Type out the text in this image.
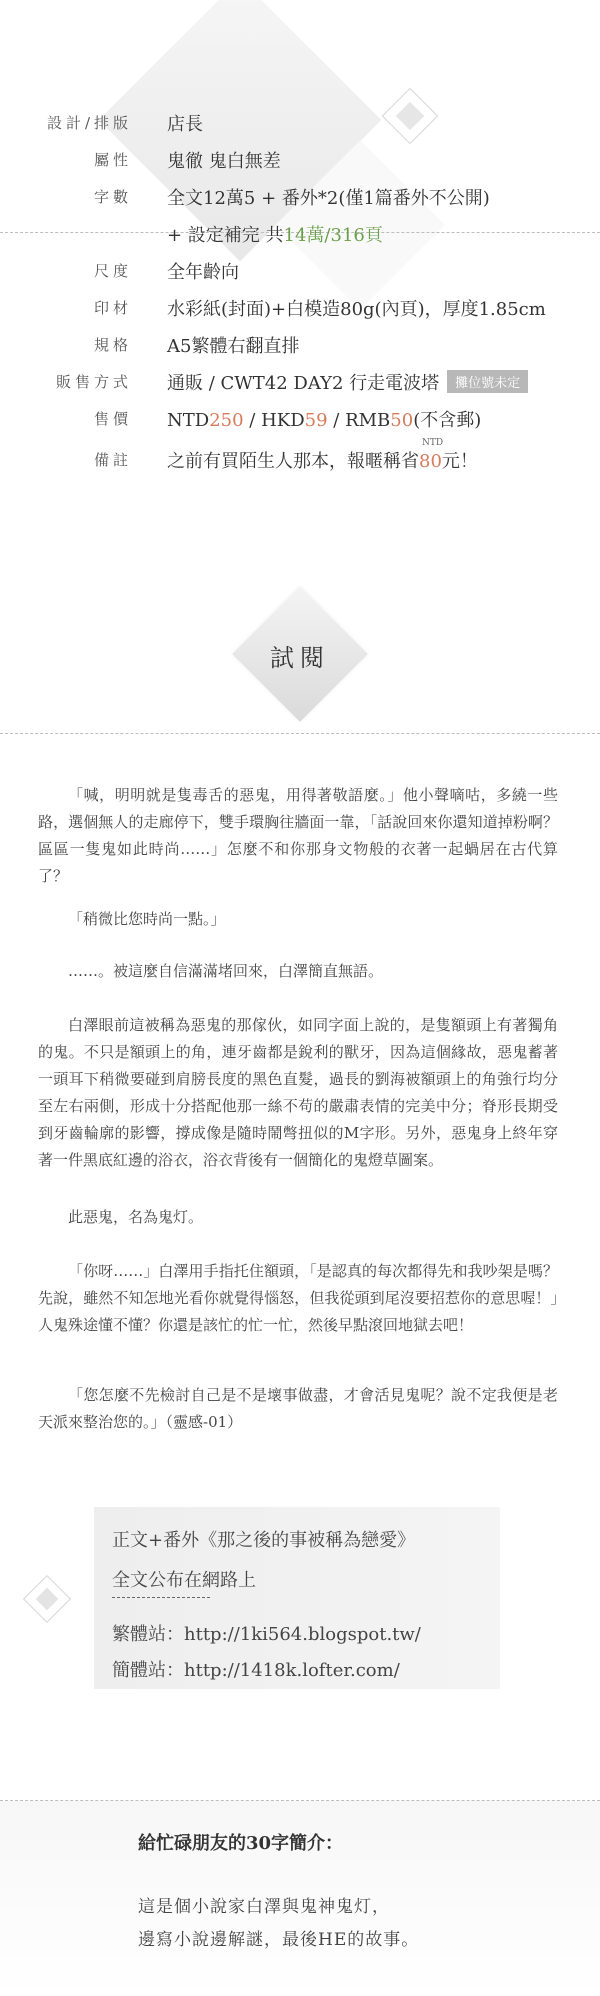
設計/排版 店長
屬性 鬼徹 鬼白無差
字數 全文12萬5 + 番外*2(僅1篇番外不公開)
+ 設定補完 共14萬/316頁
尺度 全年齡向
印材 水彩紙(封面)+白模造80g(內頁)，厚度1.85cm
規格 A5繁體右翻直排
販售方式 通販 / CWT42 DAY2 行走電波塔 攤位號未定
售價 NTD250 / HKD59 / RMB50(不含郵)
備註 之前有買陌生人那本，報暱稱省
NTD
80元！
試閱

「喊，明明就是隻毒舌的惡鬼，用得著敬語麼。」他小聲嘀咕，多繞一些路，選個無人的走廊停下，雙手環胸往牆面一靠，「話說回來你還知道掉粉啊？區區一隻鬼如此時尚……」怎麼不和你那身文物般的衣著一起蝸居在古代算了？

「稍微比您時尚一點。」

……。被這麼自信滿滿堵回來，白澤簡直無語。

白澤眼前這被稱為惡鬼的那傢伙，如同字面上說的，是隻額頭上有著獨角的鬼。不只是額頭上的角，連牙齒都是銳利的獸牙，因為這個緣故，惡鬼蓄著一頭耳下稍微要碰到肩膀長度的黑色直髮，過長的劉海被額頭上的角強行均分至左右兩側，形成十分搭配他那一絲不苟的嚴肅表情的完美中分；脊形長期受到牙齒輪廓的影響，撐成像是隨時鬧彆扭似的M字形。另外，惡鬼身上終年穿著一件黑底紅邊的浴衣，浴衣背後有一個簡化的鬼燈草圖案。

此惡鬼，名為鬼灯。

「你呀……」白澤用手指托住額頭，「是認真的每次都得先和我吵架是嗎？先說，雖然不知怎地光看你就覺得惱怒，但我從頭到尾沒要招惹你的意思喔！」人鬼殊途懂不懂？你還是該忙的忙一忙，然後早點滾回地獄去吧！

「您怎麼不先檢討自己是不是壞事做盡，才會活見鬼呢？說不定我便是老天派來整治您的。」（靈感-01）

正文+番外《那之後的事被稱為戀愛》
全文公布在網路上
繁體站：http://1ki564.blogspot.tw/
簡體站：http://1418k.lofter.com/
給忙碌朋友的30字簡介：
這是個小說家白澤與鬼神鬼灯，
邊寫小說邊解謎，最後HE的故事。
